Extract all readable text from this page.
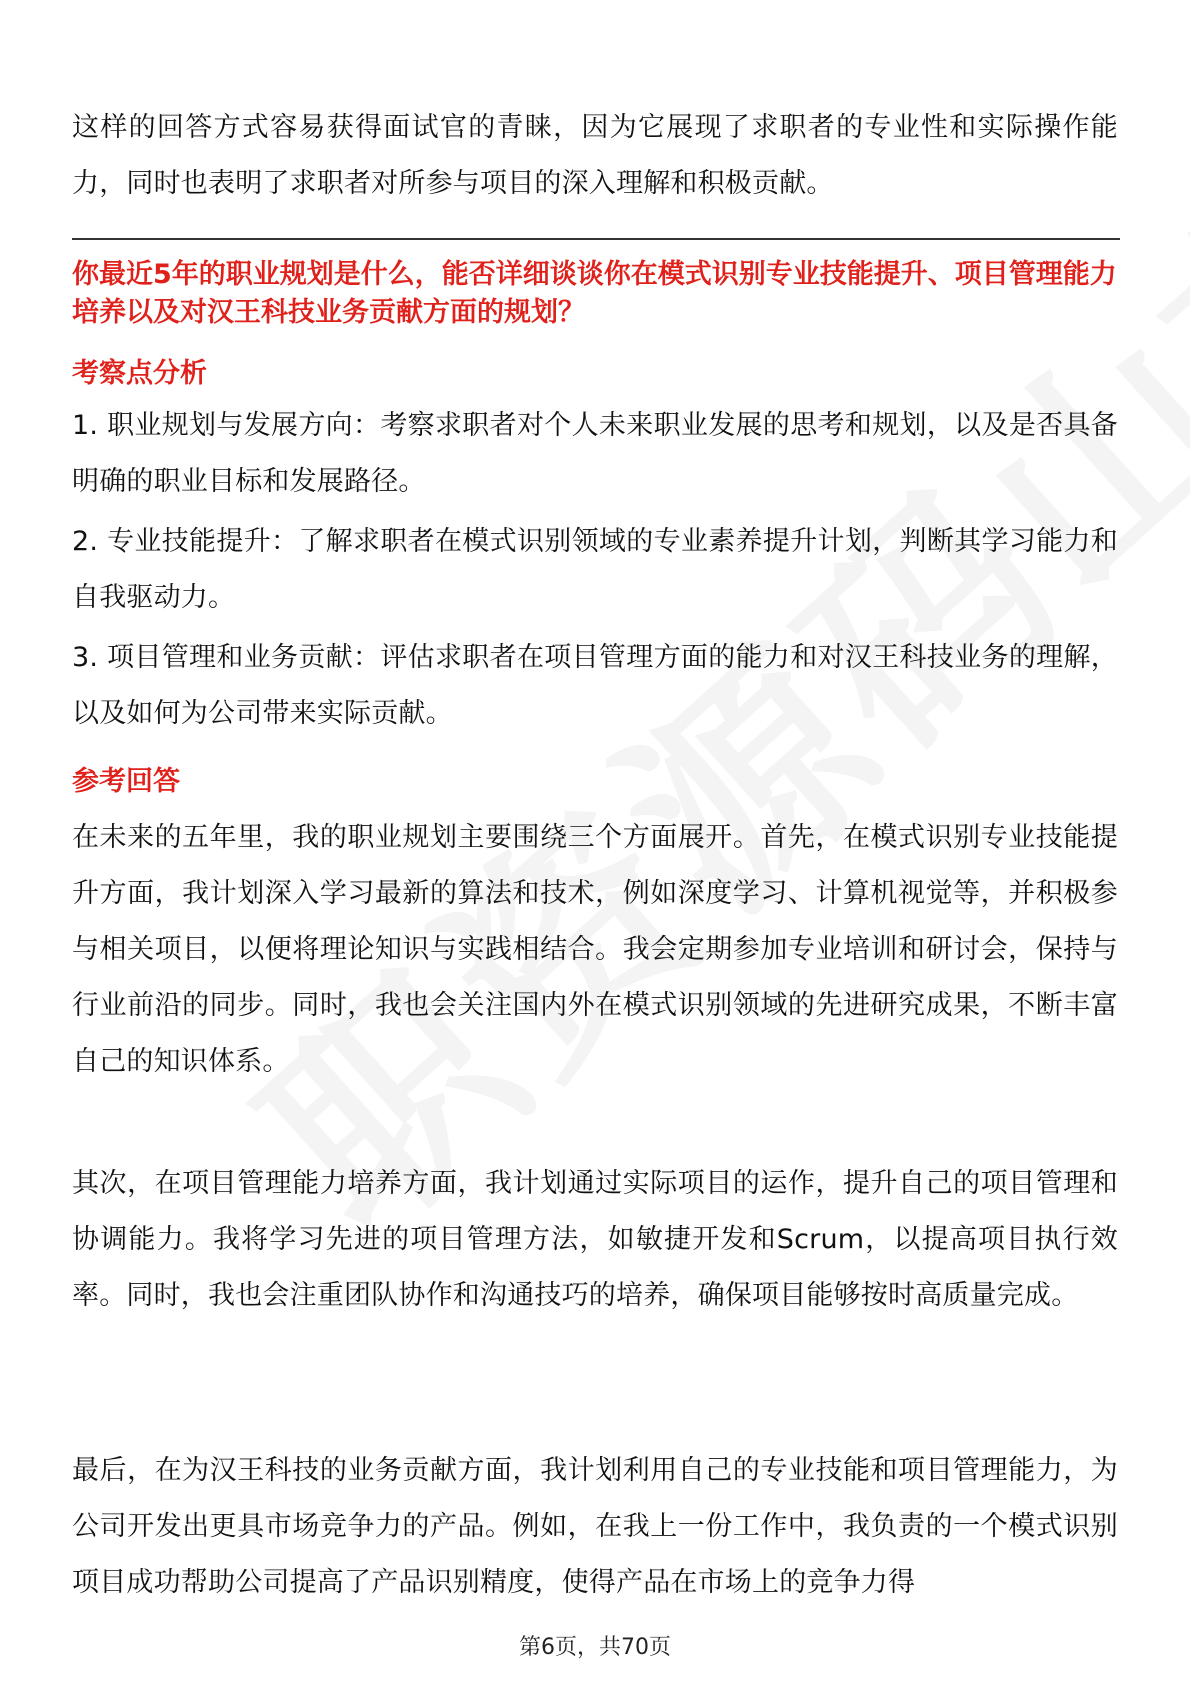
这样的回答方式容易获得面试官的青睐，因为它展现了求职者的专业性和实际操作能力，同时也表明了求职者对所参与项目的深入理解和积极贡献。

你最近5年的职业规划是什么，能否详细谈谈你在模式识别专业技能提升、项目管理能力培养以及对汉王科技业务贡献方面的规划？

考察点分析

1. 职业规划与发展方向：考察求职者对个人未来职业发展的思考和规划，以及是否具备明确的职业目标和发展路径。

2. 专业技能提升：了解求职者在模式识别领域的专业素养提升计划，判断其学习能力和自我驱动力。

3. 项目管理和业务贡献：评估求职者在项目管理方面的能力和对汉王科技业务的理解，以及如何为公司带来实际贡献。

参考回答

在未来的五年里，我的职业规划主要围绕三个方面展开。首先，在模式识别专业技能提升方面，我计划深入学习最新的算法和技术，例如深度学习、计算机视觉等，并积极参与相关项目，以便将理论知识与实践相结合。我会定期参加专业培训和研讨会，保持与行业前沿的同步。同时，我也会关注国内外在模式识别领域的先进研究成果，不断丰富自己的知识体系。

其次，在项目管理能力培养方面，我计划通过实际项目的运作，提升自己的项目管理和协调能力。我将学习先进的项目管理方法，如敏捷开发和Scrum，以提高项目执行效率。同时，我也会注重团队协作和沟通技巧的培养，确保项目能够按时高质量完成。

最后，在为汉王科技的业务贡献方面，我计划利用自己的专业技能和项目管理能力，为公司开发出更具市场竞争力的产品。例如，在我上一份工作中，我负责的一个模式识别项目成功帮助公司提高了产品识别精度，使得产品在市场上的竞争力得

第6页，共70页
